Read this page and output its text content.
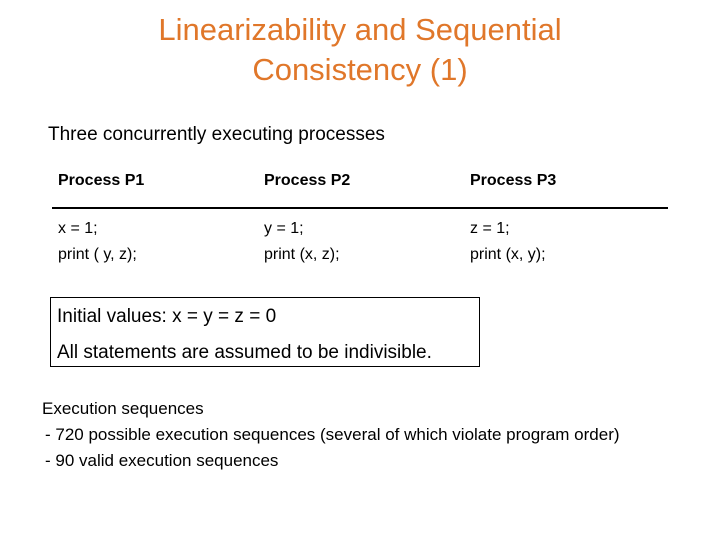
Linearizability and Sequential
Consistency (1)
Three concurrently executing processes
Process P1	Process P2	Process P3
x = 1;
print ( y, z);
y = 1;
print (x, z);
z = 1;
print (x, y);
Initial values: x = y = z = 0
All statements are assumed to be indivisible.
Execution sequences
- 720 possible execution sequences (several of which violate program order)
- 90 valid execution sequences
